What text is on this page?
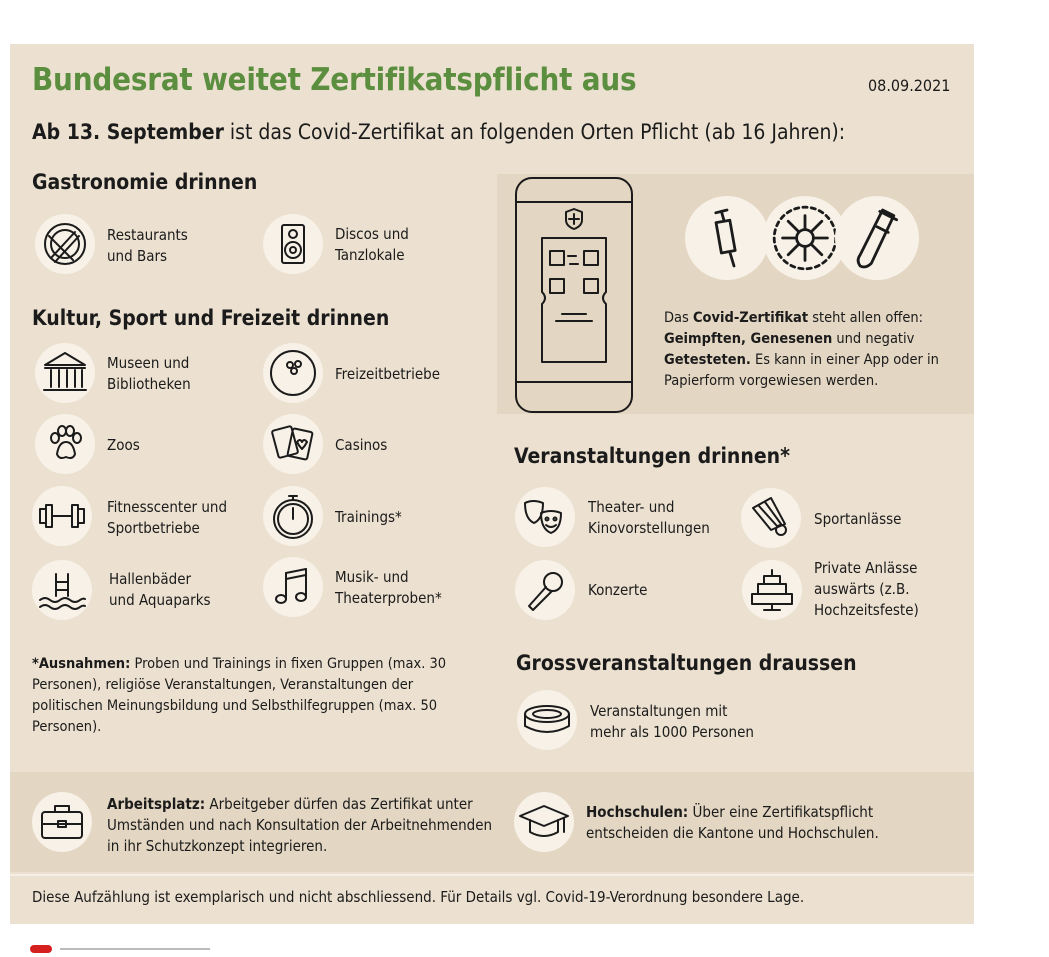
Bundesrat weitet Zertifikatspflicht aus	08.09.2021
Ab 13. September ist das Covid-Zertifikat an folgenden Orten Pflicht (ab 16 Jahren):
Gastronomie drinnen
Restaurants
und Bars
Discos und
Tanzlokale
Kultur, Sport und Freizeit drinnen
Museen und
Bibliotheken
Freizeitbetriebe
Zoos	Casinos
Fitnesscenter und
Sportbetriebe
Trainings*
Hallenbäder
und Aquaparks
Musik- und
Theaterproben*
*Ausnahmen: Proben und Trainings in fixen Gruppen (max. 30 Personen), religiöse Veranstaltungen, Veranstaltungen der politischen Meinungsbildung und Selbsthilfegruppen (max. 50 Personen).
Das Covid-Zertifikat steht allen offen: Geimpften, Genesenen und negativ Getesteten. Es kann in einer App oder in Papierform vorgewiesen werden.
Veranstaltungen drinnen*
Theater- und
Kinovorstellungen	Sportanlässe
Konzerte
Private Anlässe
auswärts (z.B.
Hochzeitsfeste)
Grossveranstaltungen draussen
Veranstaltungen mit
mehr als 1000 Personen
Arbeitsplatz: Arbeitgeber dürfen das Zertifikat unter Umständen und nach Konsultation der Arbeitnehmenden in ihr Schutzkonzept integrieren.
Hochschulen: Über eine Zertifikatspflicht entscheiden die Kantone und Hochschulen.
Diese Aufzählung ist exemplarisch und nicht abschliessend. Für Details vgl. Covid-19-Verordnung besondere Lage.
